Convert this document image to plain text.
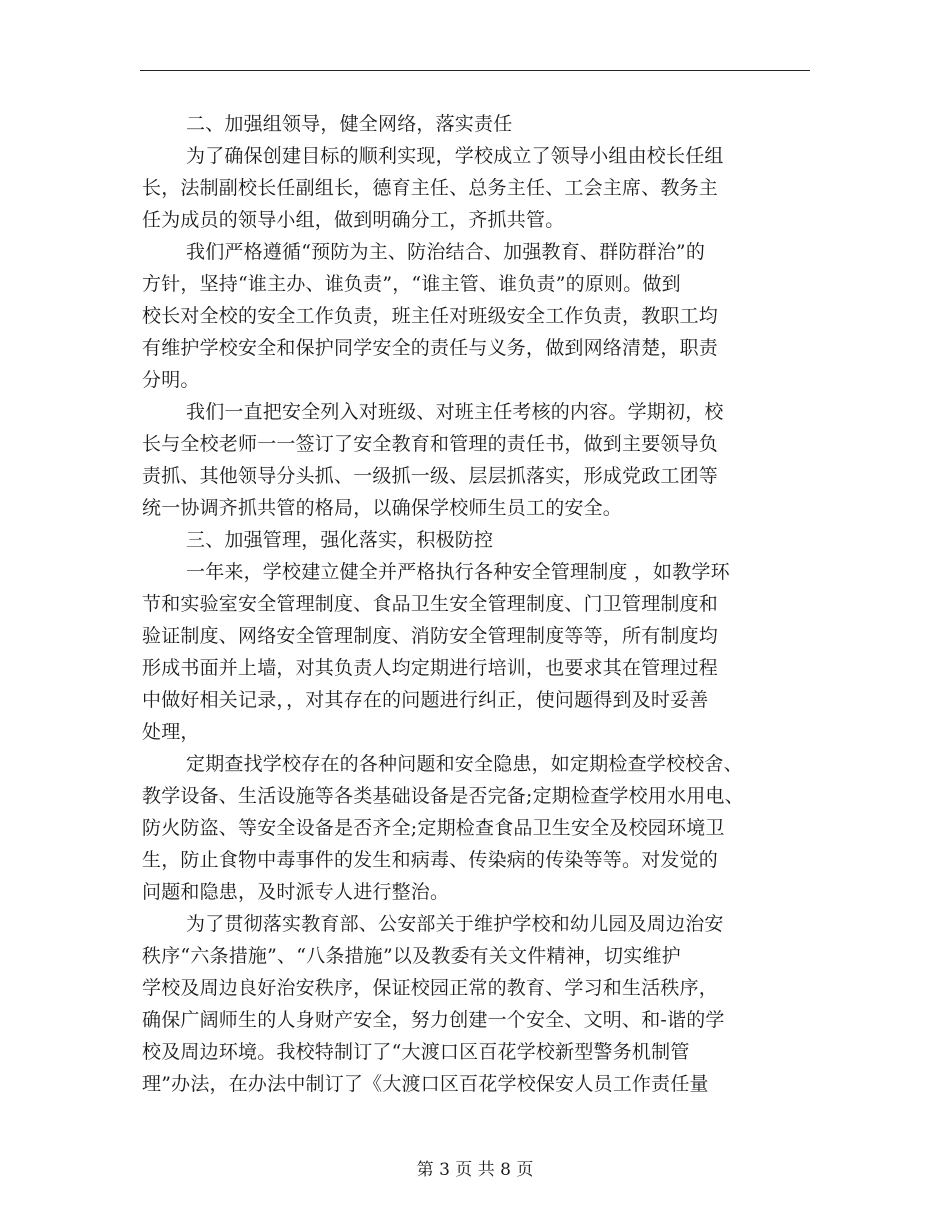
二、加强组领导，健全网络，落实责任
为了确保创建目标的顺利实现，学校成立了领导小组由校长任组
长，法制副校长任副组长，德育主任、总务主任、工会主席、教务主
任为成员的领导小组，做到明确分工，齐抓共管。
我们严格遵循“预防为主、防治结合、加强教育、群防群治”的
方针，坚持“谁主办、谁负责”，“谁主管、谁负责”的原则。做到
校长对全校的安全工作负责，班主任对班级安全工作负责，教职工均
有维护学校安全和保护同学安全的责任与义务，做到网络清楚，职责
分明。
我们一直把安全列入对班级、对班主任考核的内容。学期初，校
长与全校老师一一签订了安全教育和管理的责任书，做到主要领导负
责抓、其他领导分头抓、一级抓一级、层层抓落实，形成党政工团等
统一协调齐抓共管的格局，以确保学校师生员工的安全。
三、加强管理，强化落实，积极防控
一年来，学校建立健全并严格执行各种安全管理制度 ，如教学环
节和实验室安全管理制度、食品卫生安全管理制度、门卫管理制度和
验证制度、网络安全管理制度、消防安全管理制度等等，所有制度均
形成书面并上墙，对其负责人均定期进行培训，也要求其在管理过程
中做好相关记录，，对其存在的问题进行纠正，使问题得到及时妥善
处理，
定期查找学校存在的各种问题和安全隐患，如定期检查学校校舍、
教学设备、生活设施等各类基础设备是否完备;定期检查学校用水用电、
防火防盗、等安全设备是否齐全;定期检查食品卫生安全及校园环境卫
生，防止食物中毒事件的发生和病毒、传染病的传染等等。对发觉的
问题和隐患，及时派专人进行整治。
为了贯彻落实教育部、公安部关于维护学校和幼儿园及周边治安
秩序“六条措施”、“八条措施”以及教委有关文件精神，切实维护
学校及周边良好治安秩序，保证校园正常的教育、学习和生活秩序，
确保广阔师生的人身财产安全，努力创建一个安全、文明、和-谐的学
校及周边环境。我校特制订了“大渡口区百花学校新型警务机制管
理”办法，在办法中制订了《大渡口区百花学校保安人员工作责任量
第 3 页 共 8 页
